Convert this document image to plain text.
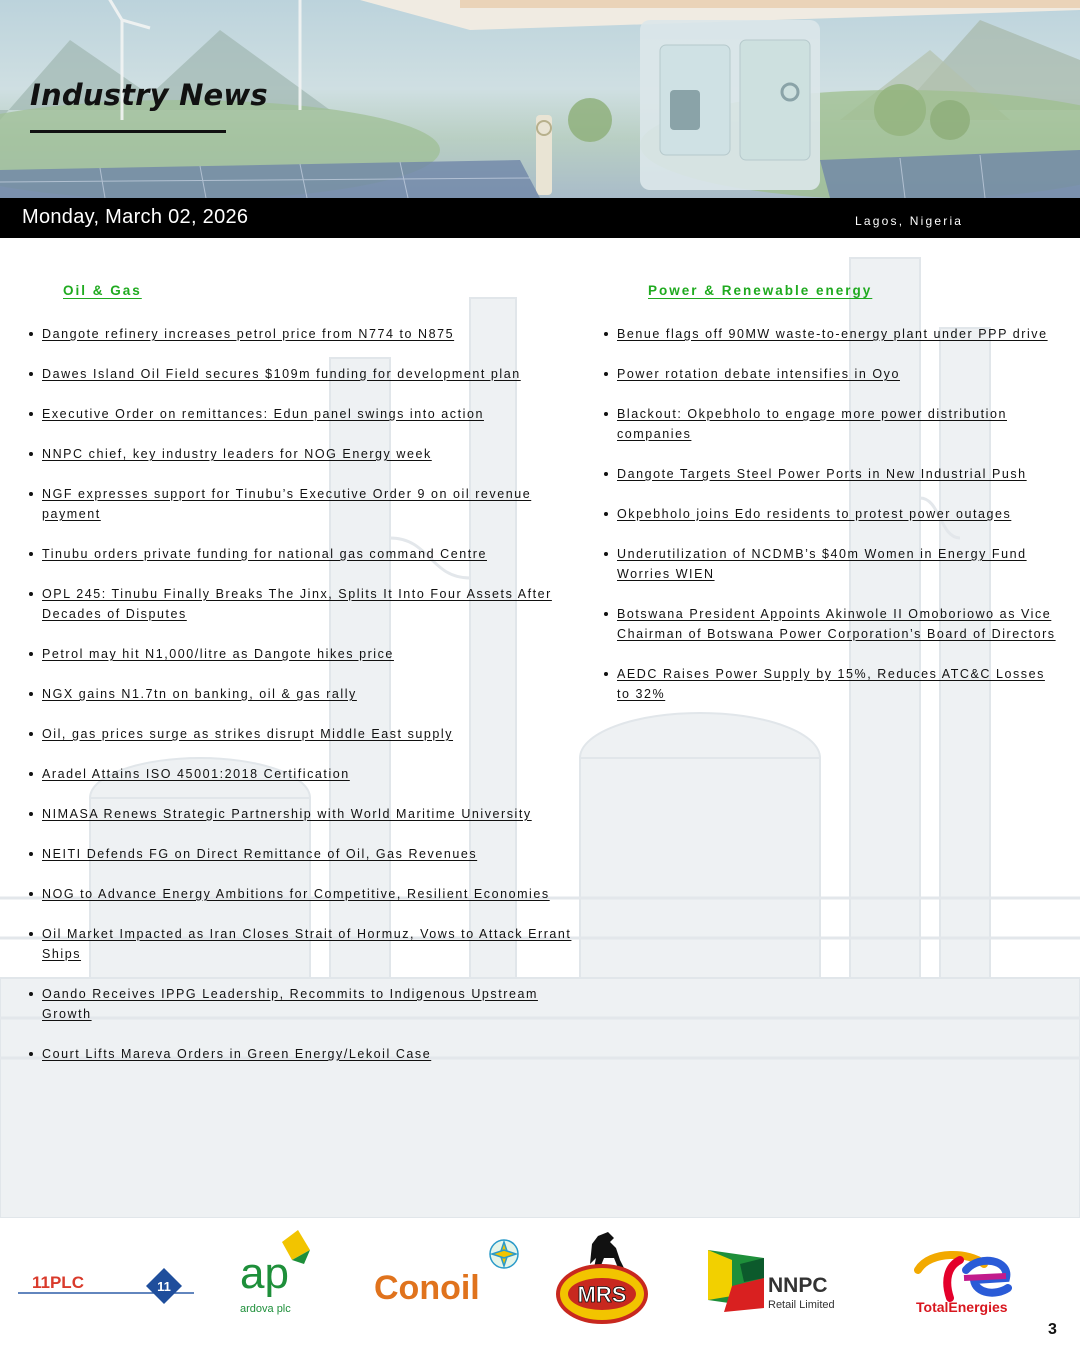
Industry News
Monday, March 02, 2026	Lagos, Nigeria
Oil & Gas
Dangote refinery increases petrol price from N774 to N875
Dawes Island Oil Field secures $109m funding for development plan
Executive Order on remittances: Edun panel swings into action
NNPC chief, key industry leaders for NOG Energy week
NGF expresses support for Tinubu’s Executive Order 9 on oil revenue payment
Tinubu orders private funding for national gas command Centre
OPL 245: Tinubu Finally Breaks The Jinx, Splits It Into Four Assets After Decades of Disputes
Petrol may hit N1,000/litre as Dangote hikes price
NGX gains N1.7tn on banking, oil & gas rally
Oil, gas prices surge as strikes disrupt Middle East supply
Aradel Attains ISO 45001:2018 Certification
NIMASA Renews Strategic Partnership with World Maritime University
NEITI Defends FG on Direct Remittance of Oil, Gas Revenues
NOG to Advance Energy Ambitions for Competitive, Resilient Economies
Oil Market Impacted as Iran Closes Strait of Hormuz, Vows to Attack Errant Ships
Oando Receives IPPG Leadership, Recommits to Indigenous Upstream Growth
Court Lifts Mareva Orders in Green Energy/Lekoil Case
Power & Renewable energy
Benue flags off 90MW waste-to-energy plant under PPP drive
Power rotation debate intensifies in Oyo
Blackout: Okpebholo to engage more power distribution companies
Dangote Targets Steel Power Ports in New Industrial Push
Okpebholo joins Edo residents to protest power outages
Underutilization of NCDMB’s $40m Women in Energy Fund Worries WIEN
Botswana President Appoints Akinwole II Omoboriowo as Vice Chairman of Botswana Power Corporation’s Board of Directors
AEDC Raises Power Supply by 15%, Reduces ATC&C Losses to 32%
11PLC	11 ap
ardova plc
Conoil	MRS	NNPC
Retail Limited	TotalEnergies
3
